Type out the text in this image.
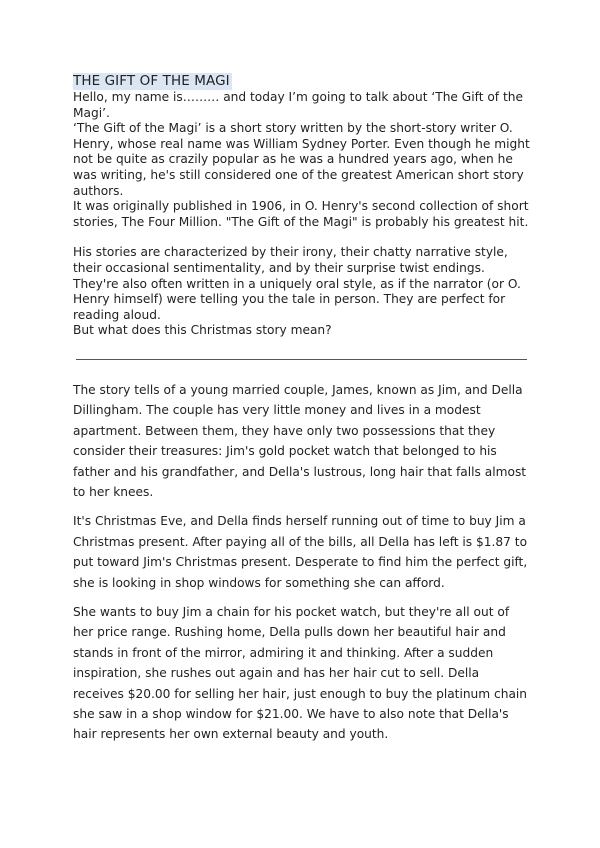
THE GIFT OF THE MAGI

Hello, my name is……… and today I’m going to talk about ‘The Gift of the Magi’.

‘The Gift of the Magi’ is a short story written by the short-story writer O. Henry, whose real name was William Sydney Porter. Even though he might not be quite as crazily popular as he was a hundred years ago, when he was writing, he's still considered one of the greatest American short story authors.

It was originally published in 1906, in O. Henry's second collection of short stories, The Four Million. "The Gift of the Magi" is probably his greatest hit.

His stories are characterized by their irony, their chatty narrative style, their occasional sentimentality, and by their surprise twist endings. They're also often written in a uniquely oral style, as if the narrator (or O. Henry himself) were telling you the tale in person. They are perfect for reading aloud.

But what does this Christmas story mean?

The story tells of a young married couple, James, known as Jim, and Della Dillingham. The couple has very little money and lives in a modest apartment. Between them, they have only two possessions that they consider their treasures: Jim's gold pocket watch that belonged to his father and his grandfather, and Della's lustrous, long hair that falls almost to her knees.

It's Christmas Eve, and Della finds herself running out of time to buy Jim a Christmas present. After paying all of the bills, all Della has left is $1.87 to put toward Jim's Christmas present. Desperate to find him the perfect gift, she is looking in shop windows for something she can afford.

She wants to buy Jim a chain for his pocket watch, but they're all out of her price range. Rushing home, Della pulls down her beautiful hair and stands in front of the mirror, admiring it and thinking. After a sudden inspiration, she rushes out again and has her hair cut to sell. Della receives $20.00 for selling her hair, just enough to buy the platinum chain she saw in a shop window for $21.00. We have to also note that Della's hair represents her own external beauty and youth.
